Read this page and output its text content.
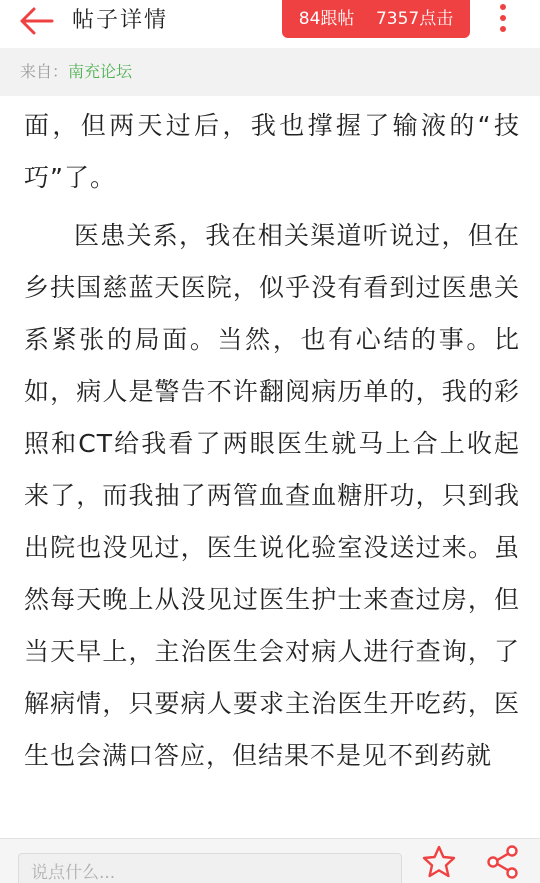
帖子详情	84跟帖 7357点击
来自：南充论坛

面，但两天过后，我也撑握了输液的“技巧”了。

医患关系，我在相关渠道听说过，但在乡扶国慈蓝天医院，似乎没有看到过医患关系紧张的局面。当然，也有心结的事。比如，病人是警告不许翻阅病历单的，我的彩照和CT给我看了两眼医生就马上合上收起来了，而我抽了两管血查血糖肝功，只到我出院也没见过，医生说化验室没送过来。虽然每天晚上从没见过医生护士来查过房，但当天早上，主治医生会对病人进行查询，了解病情，只要病人要求主治医生开吃药，医生也会满口答应，但结果不是见不到药就

说点什么...
